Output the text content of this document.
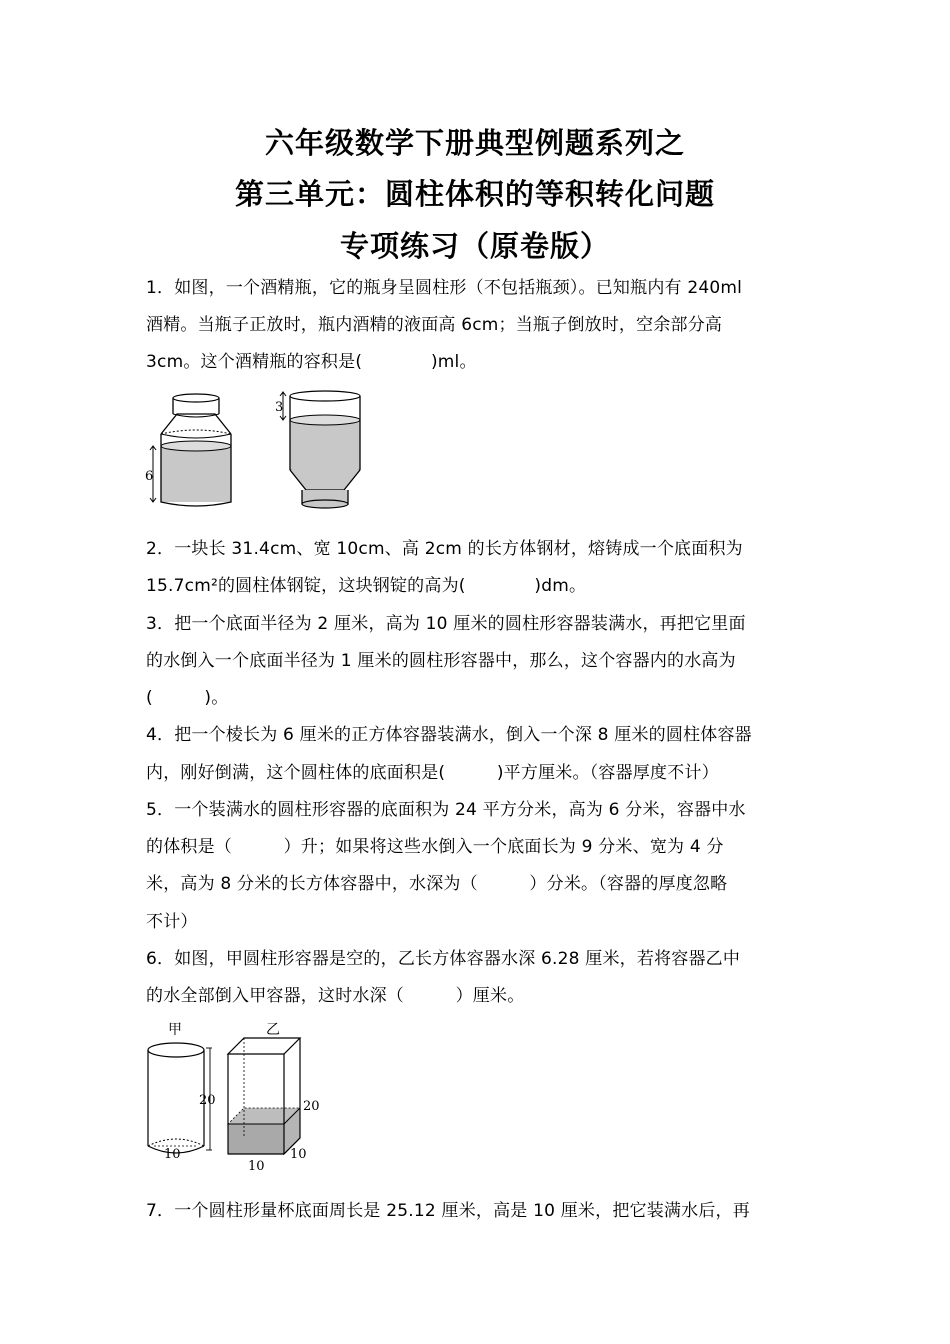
六年级数学下册典型例题系列之
第三单元：圆柱体积的等积转化问题
专项练习（原卷版）
1．如图，一个酒精瓶，它的瓶身呈圆柱形（不包括瓶颈）。已知瓶内有 240ml
酒精。当瓶子正放时，瓶内酒精的液面高 6cm；当瓶子倒放时，空余部分高
3cm。这个酒精瓶的容积是(　　　　)ml。
6
3
2．一块长 31.4cm、宽 10cm、高 2cm 的长方体钢材，熔铸成一个底面积为
15.7cm²的圆柱体钢锭，这块钢锭的高为(　　　　)dm。
3．把一个底面半径为 2 厘米，高为 10 厘米的圆柱形容器装满水，再把它里面
的水倒入一个底面半径为 1 厘米的圆柱形容器中，那么，这个容器内的水高为
(　　　)。
4．把一个棱长为 6 厘米的正方体容器装满水，倒入一个深 8 厘米的圆柱体容器
内，刚好倒满，这个圆柱体的底面积是(　　　)平方厘米。（容器厚度不计）
5．一个装满水的圆柱形容器的底面积为 24 平方分米，高为 6 分米，容器中水
的体积是（　　　）升；如果将这些水倒入一个底面长为 9 分米、宽为 4 分
米，高为 8 分米的长方体容器中，水深为（　　　）分米。（容器的厚度忽略
不计）
6．如图，甲圆柱形容器是空的，乙长方体容器水深 6.28 厘米，若将容器乙中
的水全部倒入甲容器，这时水深（　　　）厘米。
甲
10
20
乙
20
10
10
7．一个圆柱形量杯底面周长是 25.12 厘米，高是 10 厘米，把它装满水后，再
